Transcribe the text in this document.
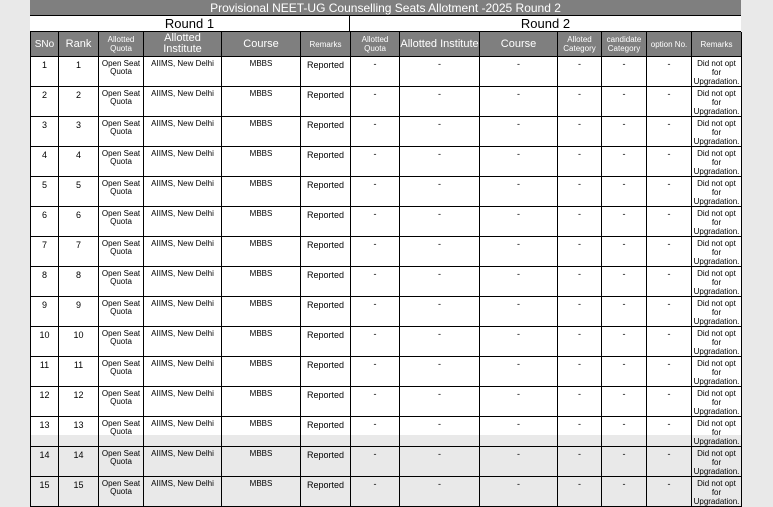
Provisional NEET-UG Counselling Seats Allotment -2025 Round 2
Round 1	Round 2
SNo	Rank	Allotted Quota	Allotted Institute	Course	Remarks	Allotted Quota	Allotted Institute	Course	Alloted Category	candidate Category	option No.	Remarks
1	1	Open Seat Quota	AIIMS, New Delhi	MBBS	Reported	-	-	-	-	-	-	Did not opt for Upgradation.
2	2	Open Seat Quota	AIIMS, New Delhi	MBBS	Reported	-	-	-	-	-	-	Did not opt for Upgradation.
3	3	Open Seat Quota	AIIMS, New Delhi	MBBS	Reported	-	-	-	-	-	-	Did not opt for Upgradation.
4	4	Open Seat Quota	AIIMS, New Delhi	MBBS	Reported	-	-	-	-	-	-	Did not opt for Upgradation.
5	5	Open Seat Quota	AIIMS, New Delhi	MBBS	Reported	-	-	-	-	-	-	Did not opt for Upgradation.
6	6	Open Seat Quota	AIIMS, New Delhi	MBBS	Reported	-	-	-	-	-	-	Did not opt for Upgradation.
7	7	Open Seat Quota	AIIMS, New Delhi	MBBS	Reported	-	-	-	-	-	-	Did not opt for Upgradation.
8	8	Open Seat Quota	AIIMS, New Delhi	MBBS	Reported	-	-	-	-	-	-	Did not opt for Upgradation.
9	9	Open Seat Quota	AIIMS, New Delhi	MBBS	Reported	-	-	-	-	-	-	Did not opt for Upgradation.
10	10	Open Seat Quota	AIIMS, New Delhi	MBBS	Reported	-	-	-	-	-	-	Did not opt for Upgradation.
11	11	Open Seat Quota	AIIMS, New Delhi	MBBS	Reported	-	-	-	-	-	-	Did not opt for Upgradation.
12	12	Open Seat Quota	AIIMS, New Delhi	MBBS	Reported	-	-	-	-	-	-	Did not opt for Upgradation.
13	13	Open Seat Quota	AIIMS, New Delhi	MBBS	Reported	-	-	-	-	-	-	Did not opt for Upgradation.
14	14	Open Seat Quota	AIIMS, New Delhi	MBBS	Reported	-	-	-	-	-	-	Did not opt for Upgradation.
15	15	Open Seat Quota	AIIMS, New Delhi	MBBS	Reported	-	-	-	-	-	-	Did not opt for Upgradation.
